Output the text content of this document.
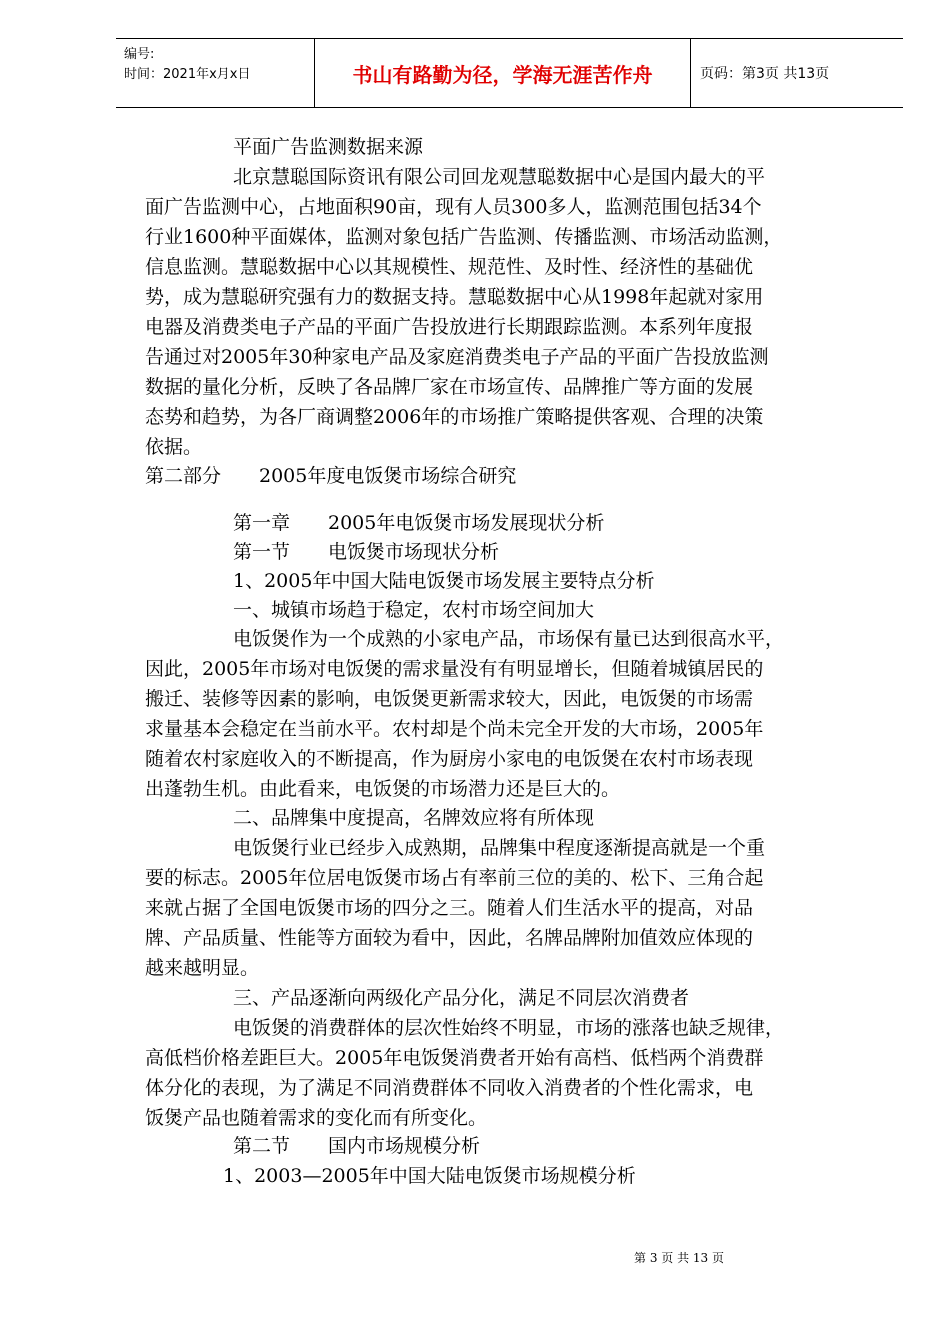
编号:
时间：2021年x月x日	书山有路勤为径，学海无涯苦作舟	页码：第3页 共13页
平面广告监测数据来源
北京慧聪国际资讯有限公司回龙观慧聪数据中心是国内最大的平
面广告监测中心，占地面积90亩，现有人员300多人，监测范围包括34个
行业1600种平面媒体，监测对象包括广告监测、传播监测、市场活动监测，
信息监测。慧聪数据中心以其规模性、规范性、及时性、经济性的基础优
势，成为慧聪研究强有力的数据支持。慧聪数据中心从1998年起就对家用
电器及消费类电子产品的平面广告投放进行长期跟踪监测。本系列年度报
告通过对2005年30种家电产品及家庭消费类电子产品的平面广告投放监测
数据的量化分析，反映了各品牌厂家在市场宣传、品牌推广等方面的发展
态势和趋势，为各厂商调整2006年的市场推广策略提供客观、合理的决策
依据。
第二部分　　2005年度电饭煲市场综合研究
第一章　　2005年电饭煲市场发展现状分析
第一节　　电饭煲市场现状分析
1、2005年中国大陆电饭煲市场发展主要特点分析
一、城镇市场趋于稳定，农村市场空间加大
电饭煲作为一个成熟的小家电产品，市场保有量已达到很高水平，
因此，2005年市场对电饭煲的需求量没有有明显增长，但随着城镇居民的
搬迁、装修等因素的影响，电饭煲更新需求较大，因此，电饭煲的市场需
求量基本会稳定在当前水平。农村却是个尚未完全开发的大市场，2005年
随着农村家庭收入的不断提高，作为厨房小家电的电饭煲在农村市场表现
出蓬勃生机。由此看来，电饭煲的市场潜力还是巨大的。
二、品牌集中度提高，名牌效应将有所体现
电饭煲行业已经步入成熟期，品牌集中程度逐渐提高就是一个重
要的标志。2005年位居电饭煲市场占有率前三位的美的、松下、三角合起
来就占据了全国电饭煲市场的四分之三。随着人们生活水平的提高，对品
牌、产品质量、性能等方面较为看中，因此，名牌品牌附加值效应体现的
越来越明显。
三、产品逐渐向两级化产品分化，满足不同层次消费者
电饭煲的消费群体的层次性始终不明显，市场的涨落也缺乏规律，
高低档价格差距巨大。2005年电饭煲消费者开始有高档、低档两个消费群
体分化的表现，为了满足不同消费群体不同收入消费者的个性化需求，电
饭煲产品也随着需求的变化而有所变化。
第二节　　国内市场规模分析
1、2003—2005年中国大陆电饭煲市场规模分析
第 3 页 共 13 页
